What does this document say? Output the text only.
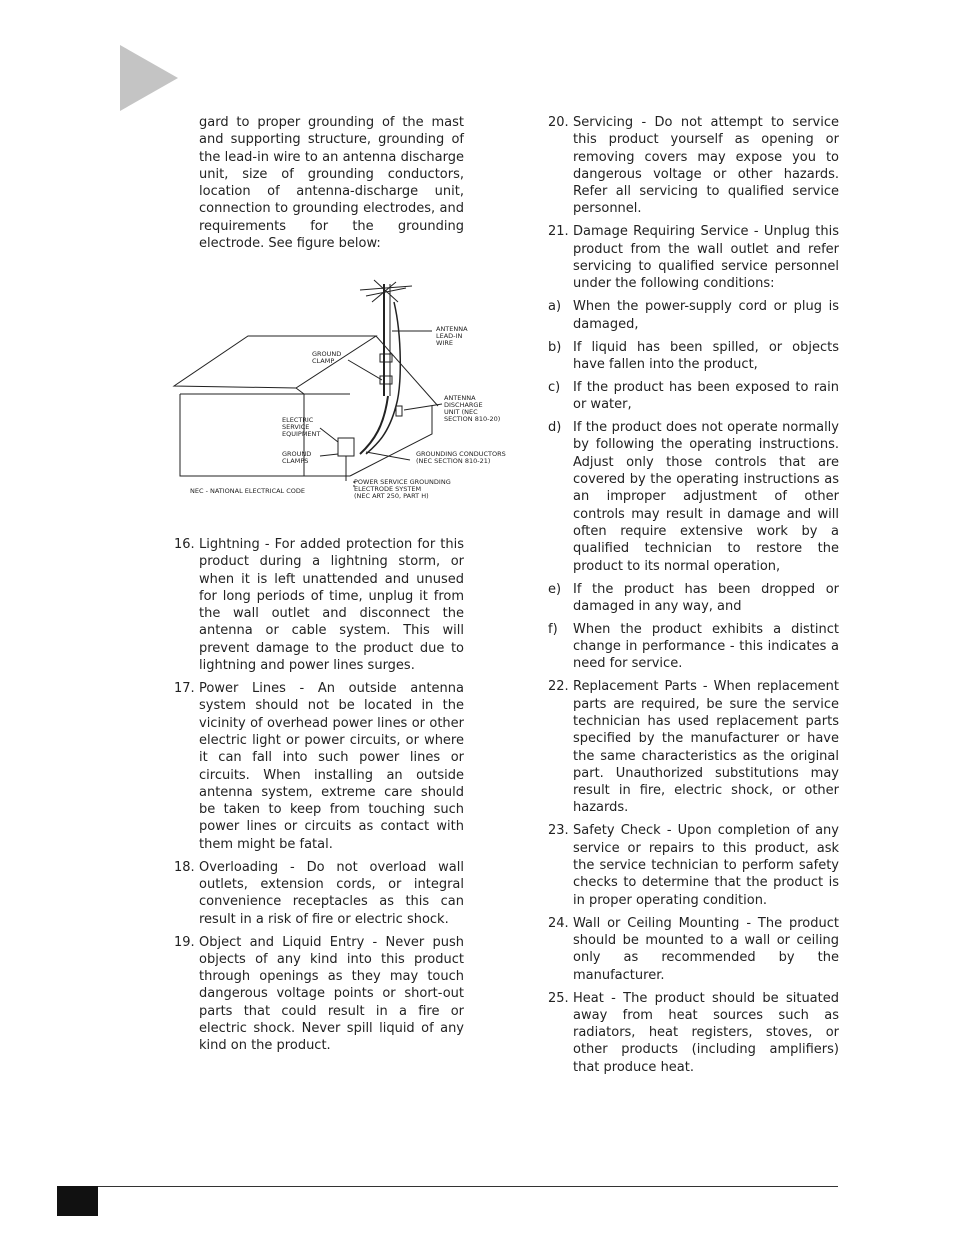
gard to proper grounding of the mast and supporting structure, grounding of the lead-in wire to an antenna discharge unit, size of grounding conductors, location of antenna-discharge unit, connection to grounding electrodes, and requirements for the grounding electrode. See figure below:
ANTENNA LEAD-IN WIRE
GROUND CLAMP
ANTENNA DISCHARGE UNIT (NEC SECTION 810-20)
ELECTRIC SERVICE EQUIPMENT
GROUND CLAMPS
GROUNDING CONDUCTORS (NEC SECTION 810-21)
POWER SERVICE GROUNDING ELECTRODE SYSTEM (NEC ART 250, PART H)
NEC - NATIONAL ELECTRICAL CODE
16. Lightning - For added protection for this product during a lightning storm, or when it is left unattended and unused for long periods of time, unplug it from the wall outlet and disconnect the antenna or cable system. This will prevent damage to the product due to lightning and power lines surges.
17. Power Lines - An outside antenna system should not be located in the vicinity of overhead power lines or other electric light or power circuits, or where it can fall into such power lines or circuits. When installing an outside antenna system, extreme care should be taken to keep from touching such power lines or circuits as contact with them might be fatal.
18. Overloading - Do not overload wall outlets, extension cords, or integral convenience receptacles as this can result in a risk of fire or electric shock.
19. Object and Liquid Entry - Never push objects of any kind into this product through openings as they may touch dangerous voltage points or short-out parts that could result in a fire or electric shock. Never spill liquid of any kind on the product.
20. Servicing - Do not attempt to service this product yourself as opening or removing covers may expose you to dangerous voltage or other hazards. Refer all servicing to qualified service personnel.
21. Damage Requiring Service - Unplug this product from the wall outlet and refer servicing to qualified service personnel under the following conditions:
a) When the power-supply cord or plug is damaged,
b) If liquid has been spilled, or objects have fallen into the product,
c) If the product has been exposed to rain or water,
d) If the product does not operate normally by following the operating instructions. Adjust only those controls that are covered by the operating instructions as an improper adjustment of other controls may result in damage and will often require extensive work by a qualified technician to restore the product to its normal operation,
e) If the product has been dropped or damaged in any way, and
f)	When the product exhibits a distinct change in performance - this indicates a need for service.
22. Replacement Parts - When replacement parts are required, be sure the service technician has used replacement parts specified by the manufacturer or have the same characteristics as the original part. Unauthorized substitutions may result in fire, electric shock, or other hazards.
23. Safety Check - Upon completion of any service or repairs to this product, ask the service technician to perform safety checks to determine that the product is in proper operating condition.
24. Wall or Ceiling Mounting - The product should be mounted to a wall or ceiling only as recommended by the manufacturer.
25. Heat - The product should be situated away from heat sources such as radiators, heat registers, stoves, or other products (including amplifiers) that produce heat.
